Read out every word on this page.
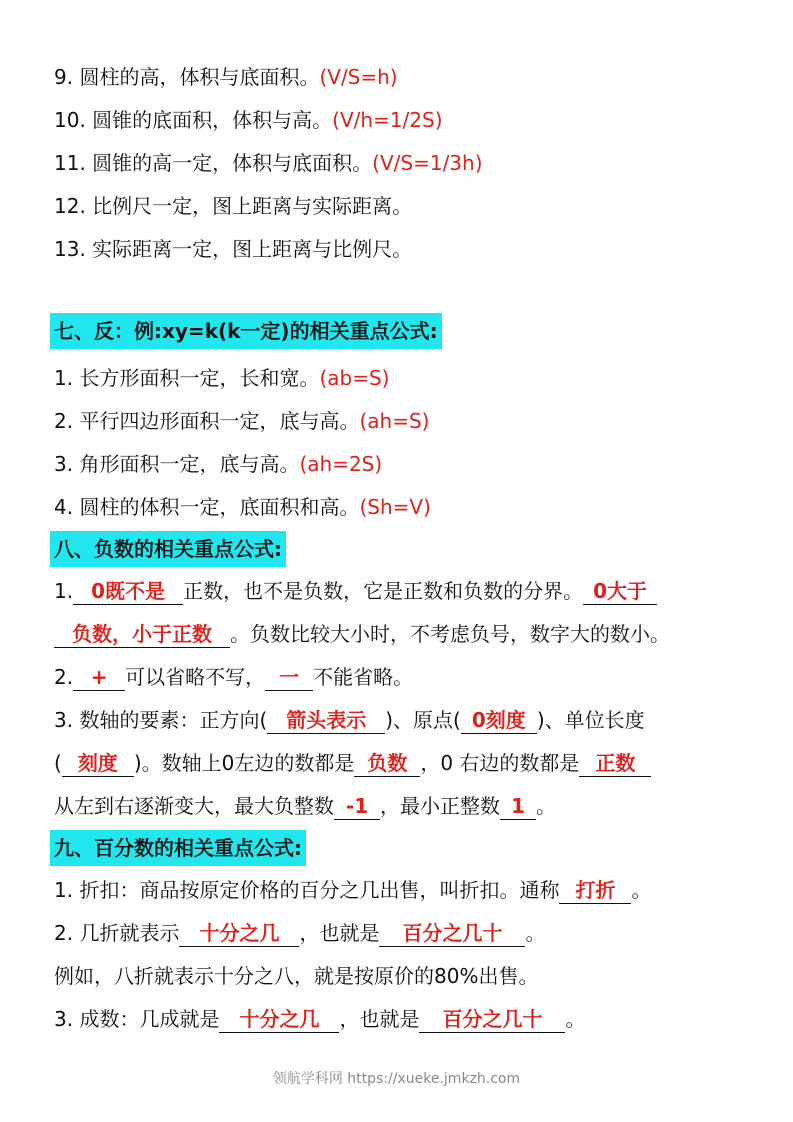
9. 圆柱的高，体积与底面积。(V/S=h)
10. 圆锥的底面积，体积与高。(V/h=1/2S)
11. 圆锥的高一定，体积与底面积。(V/S=1/3h)
12. 比例尺一定，图上距离与实际距离。
13. 实际距离一定，图上距离与比例尺。
七、反：例:xy=k(k一定)的相关重点公式:
1. 长方形面积一定，长和宽。(ab=S)
2. 平行四边形面积一定，底与高。(ah=S)
3. 角形面积一定，底与高。(ah=2S)
4. 圆柱的体积一定，底面积和高。(Sh=V)
八、负数的相关重点公式:
1. 0既不是 正数，也不是负数，它是正数和负数的分界。 0大于
负数，小于正数 。负数比较大小时，不考虑负号，数字大的数小。
2. + 可以省略不写， 一 不能省略。
3. 数轴的要素：正方向( 箭头表示 )、原点( 0刻度 )、单位长度
( 刻度 )。数轴上0左边的数都是 负数 ，0 右边的数都是 正数
从左到右逐渐变大，最大负整数 -1 ，最小正整数 1 。
九、百分数的相关重点公式:
1. 折扣：商品按原定价格的百分之几出售，叫折扣。通称 打折 。
2. 几折就表示 十分之几 ，也就是 百分之几十 。
例如，八折就表示十分之八，就是按原价的80%出售。
3. 成数：几成就是 十分之几 ，也就是 百分之几十 。
领航学科网 https://xueke.jmkzh.com
